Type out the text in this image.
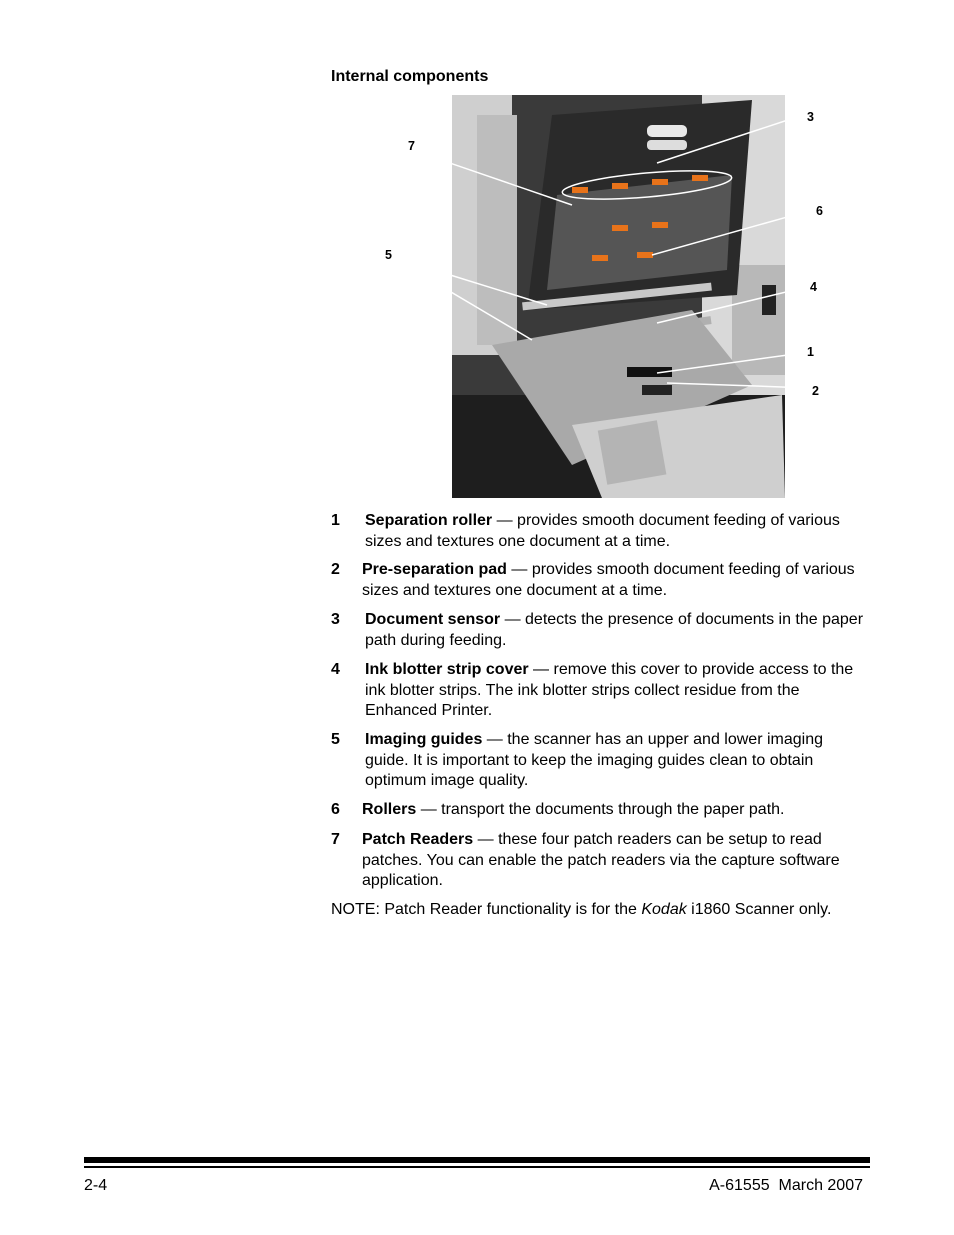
Internal components
7
5
3
6
4
1
2
1 Separation roller — provides smooth document feeding of various sizes and textures one document at a time.
2 Pre-separation pad — provides smooth document feeding of various sizes and textures one document at a time.
3 Document sensor — detects the presence of documents in the paper path during feeding.
4 Ink blotter strip cover — remove this cover to provide access to the ink blotter strips. The ink blotter strips collect residue from the Enhanced Printer.
5 Imaging guides — the scanner has an upper and lower imaging guide. It is important to keep the imaging guides clean to obtain optimum image quality.
6 Rollers — transport the documents through the paper path.
7 Patch Readers — these four patch readers can be setup to read patches. You can enable the patch readers via the capture software application.
NOTE: Patch Reader functionality is for the Kodak i1860 Scanner only.
2-4	A-61555  March 2007
